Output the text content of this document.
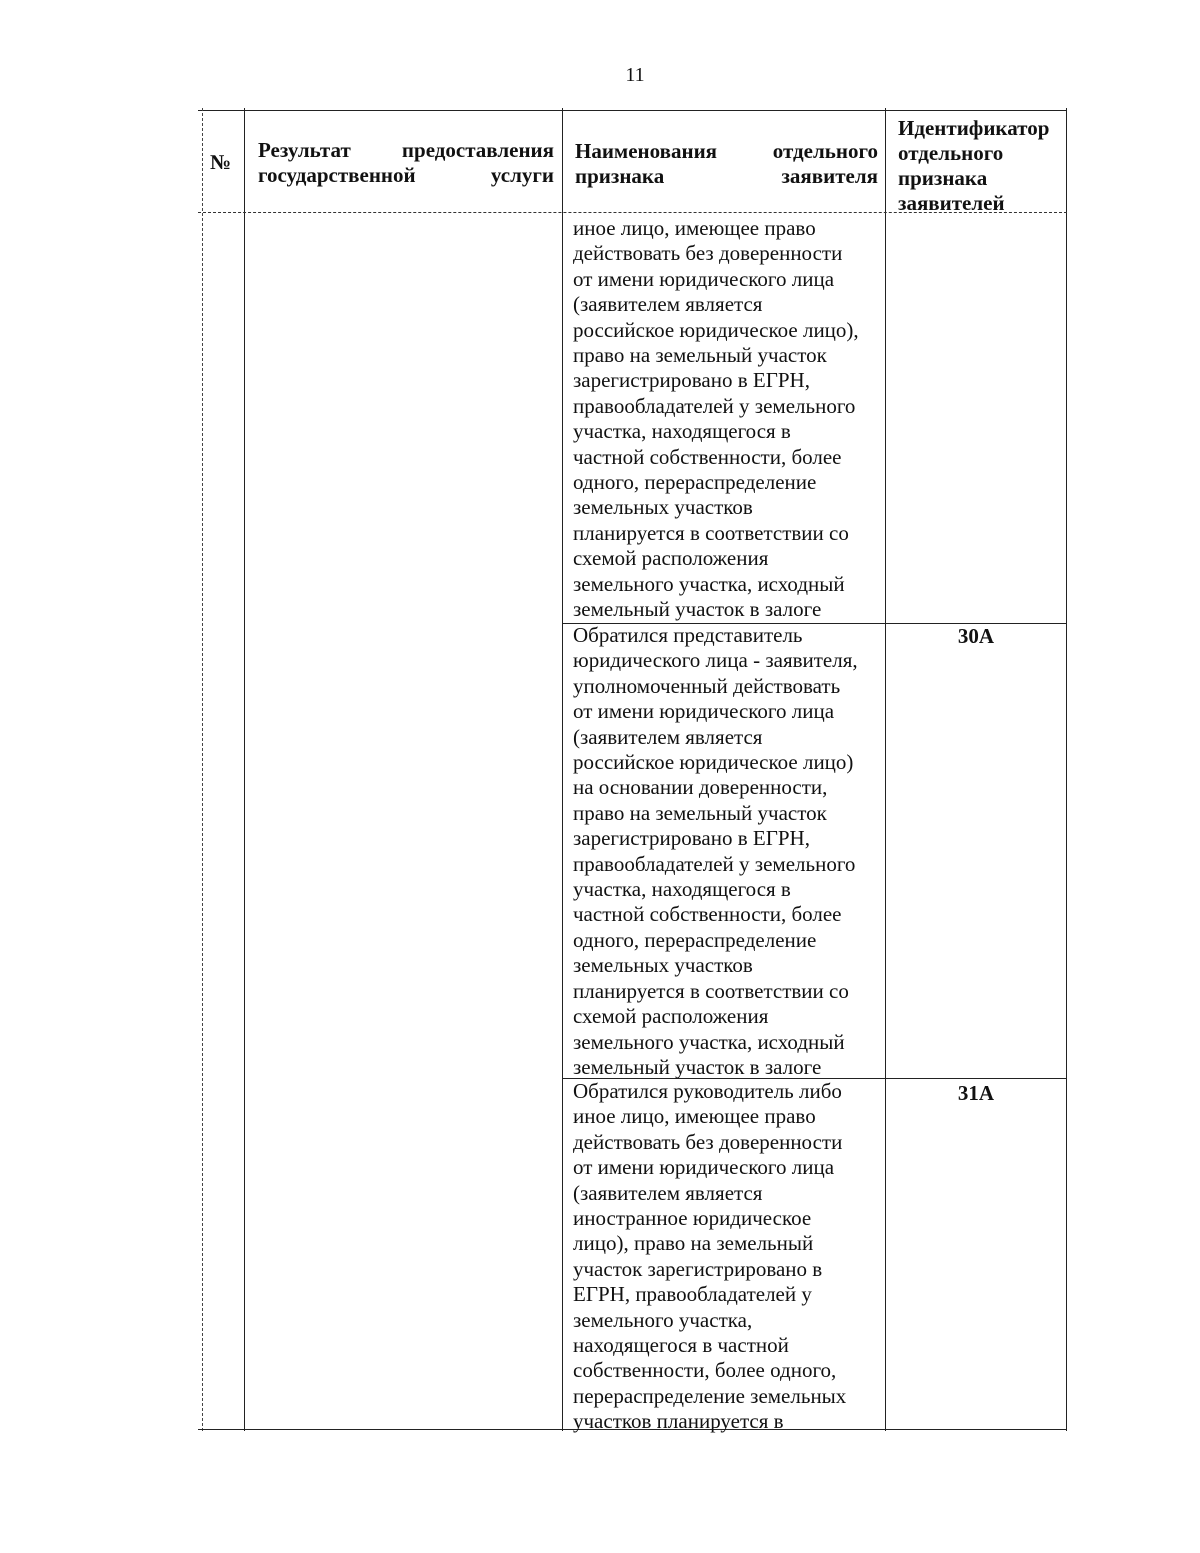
11
№	Результат предоставления государственной услуги
Наименования отдельного признака заявителя
Идентификатор отдельного признака заявителей
иное лицо, имеющее право
действовать без доверенности
от имени юридического лица
(заявителем является
российское юридическое лицо),
право на земельный участок
зарегистрировано в ЕГРН,
правообладателей у земельного
участка, находящегося в
частной собственности, более
одного, перераспределение
земельных участков
планируется в соответствии со
схемой расположения
земельного участка, исходный
земельный участок в залоге
Обратился представитель
юридического лица - заявителя,
уполномоченный действовать
от имени юридического лица
(заявителем является
российское юридическое лицо)
на основании доверенности,
право на земельный участок
зарегистрировано в ЕГРН,
правообладателей у земельного
участка, находящегося в
частной собственности, более
одного, перераспределение
земельных участков
планируется в соответствии со
схемой расположения
земельного участка, исходный
земельный участок в залоге
30А
Обратился руководитель либо
иное лицо, имеющее право
действовать без доверенности
от имени юридического лица
(заявителем является
иностранное юридическое
лицо), право на земельный
участок зарегистрировано в
ЕГРН, правообладателей у
земельного участка,
находящегося в частной
собственности, более одного,
перераспределение земельных
участков планируется в
31А
